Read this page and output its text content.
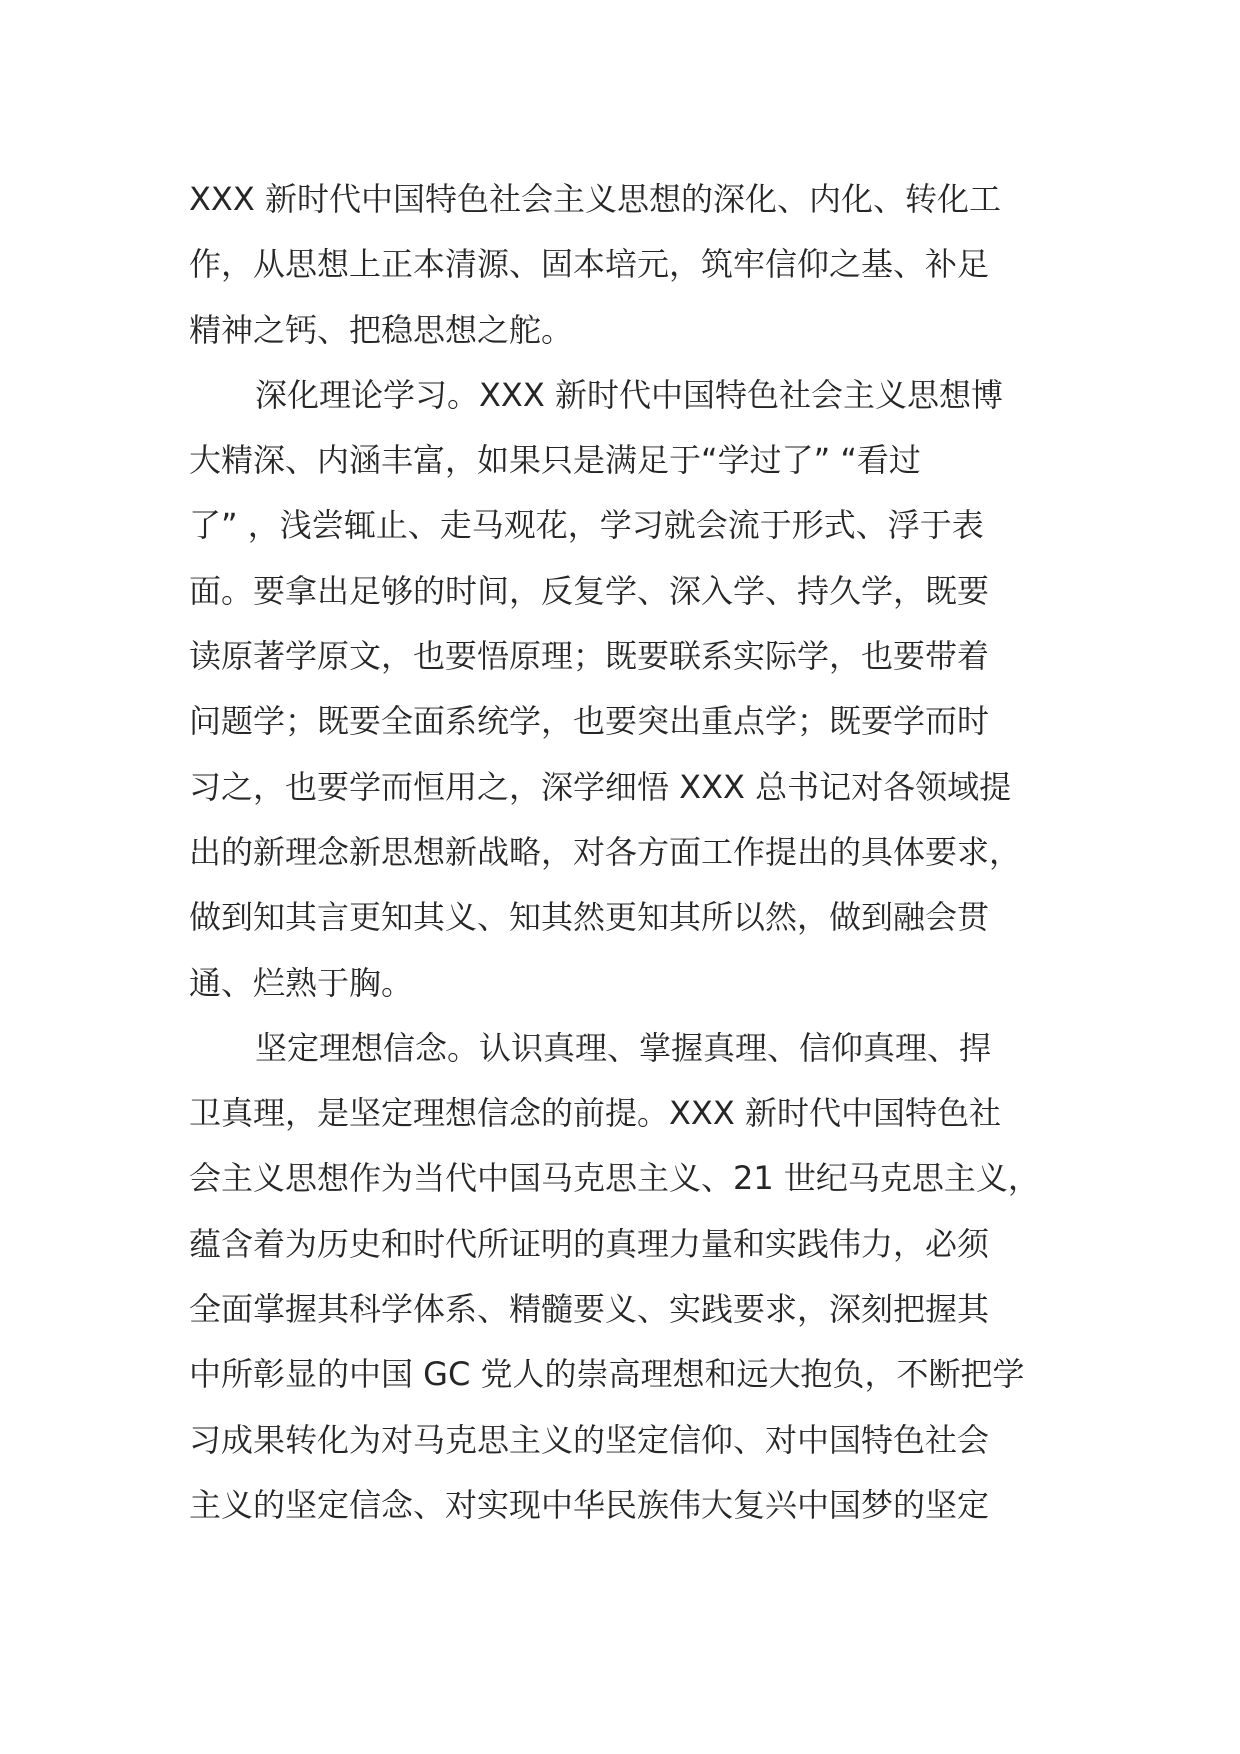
XXX 新时代中国特色社会主义思想的深化、内化、转化工
作，从思想上正本清源、固本培元，筑牢信仰之基、补足
精神之钙、把稳思想之舵。
深化理论学习。XXX 新时代中国特色社会主义思想博
大精深、内涵丰富，如果只是满足于“学过了” “看过
了” ，浅尝辄止、走马观花，学习就会流于形式、浮于表
面。要拿出足够的时间，反复学、深入学、持久学，既要
读原著学原文，也要悟原理；既要联系实际学，也要带着
问题学；既要全面系统学，也要突出重点学；既要学而时
习之，也要学而恒用之，深学细悟 XXX 总书记对各领域提
出的新理念新思想新战略，对各方面工作提出的具体要求，
做到知其言更知其义、知其然更知其所以然，做到融会贯
通、烂熟于胸。
坚定理想信念。认识真理、掌握真理、信仰真理、捍
卫真理，是坚定理想信念的前提。XXX 新时代中国特色社
会主义思想作为当代中国马克思主义、21 世纪马克思主义，
蕴含着为历史和时代所证明的真理力量和实践伟力，必须
全面掌握其科学体系、精髓要义、实践要求，深刻把握其
中所彰显的中国 GC 党人的崇高理想和远大抱负，不断把学
习成果转化为对马克思主义的坚定信仰、对中国特色社会
主义的坚定信念、对实现中华民族伟大复兴中国梦的坚定
